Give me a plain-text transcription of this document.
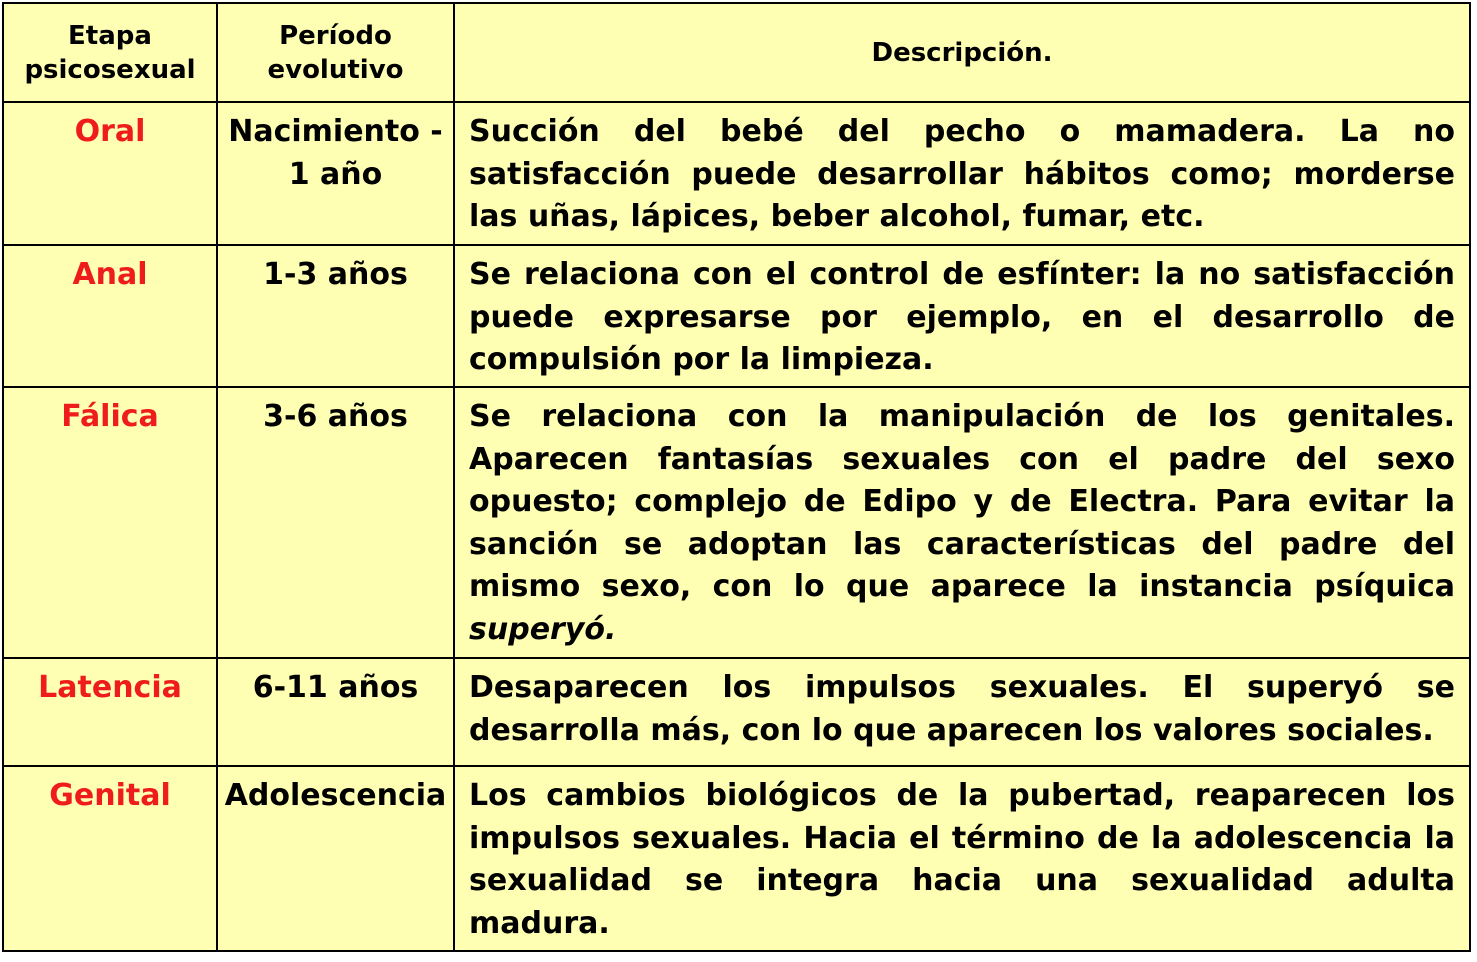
Etapa psicosexual	Período evolutivo	Descripción.
Oral	Nacimiento -1 año	Succión del bebé del pecho o mamadera. La no satisfacción puede desarrollar hábitos como; morderse las uñas, lápices, beber alcohol, fumar, etc.
Anal	1-3 años	Se relaciona con el control de esfínter: la no satisfacción puede expresarse por ejemplo, en el desarrollo de compulsión por la limpieza.
Fálica	3-6 años	Se relaciona con la manipulación de los genitales. Aparecen fantasías sexuales con el padre del sexo opuesto; complejo de Edipo y de Electra. Para evitar la sanción se adoptan las características del padre del mismo sexo, con lo que aparece la instancia psíquica superyó.
Latencia	6-11 años	Desaparecen los impulsos sexuales. El superyó se desarrolla más, con lo que aparecen los valores sociales.
Genital	Adolescencia	Los cambios biológicos de la pubertad, reaparecen los impulsos sexuales. Hacia el término de la adolescencia la sexualidad se integra hacia una sexualidad adulta madura.
